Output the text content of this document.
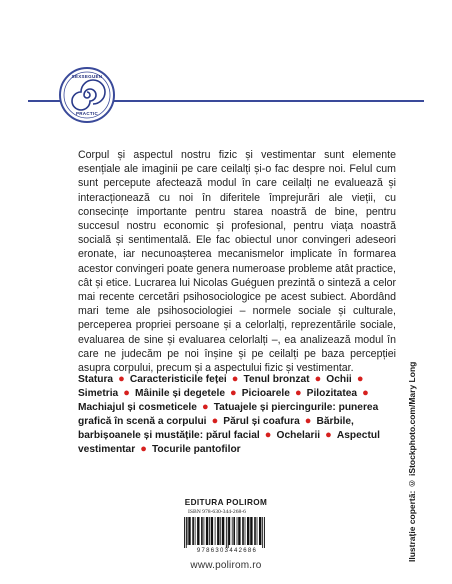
SEXSEGUEN
PRACTIC

Corpul și aspectul nostru fizic și vestimentar sunt elemente esențiale ale imaginii pe care ceilalți și-o fac despre noi. Felul cum sunt percepute afectează modul în care ceilalți ne evaluează și interacționează cu noi în diferitele împrejurări ale vieții, cu consecințe importante pentru starea noastră de bine, pentru succesul nostru economic și profesional, pentru viața noastră socială și sentimentală. Ele fac obiectul unor convingeri adeseori eronate, iar necunoașterea mecanismelor implicate în formarea acestor convingeri poate genera numeroase probleme atât practice, cât și etice. Lucrarea lui Nicolas Guéguen prezintă o sinteză a celor mai recente cercetări psihosociologice pe acest subiect. Abordând mari teme ale psihosociologiei – normele sociale și culturale, perceperea propriei persoane și a celorlalți, reprezentările sociale, evaluarea de sine și evaluarea celorlalți –, ea analizează modul în care ne judecăm pe noi înșine și pe ceilalți pe baza percepției asupra corpului, precum și a aspectului fizic și vestimentar.

Statura ● Caracteristicile feței ● Tenul bronzat ● Ochii ● Simetria ● Mâinile și degetele ● Picioarele ● Pilozitatea ● Machiajul și cosmeticele ● Tatuajele și piercingurile: punerea grafică în scenă a corpului ● Părul și coafura ● Bărbile, barbișoanele și mustățile: părul facial ● Ochelarii ● Aspectul vestimentar ● Tocurile pantofilor	Ilustrație copertă: © iStockphoto.com/Mary Long
EDITURA POLIROM
ISBN 978-630-344-268-6
9786303442686
www.polirom.ro
